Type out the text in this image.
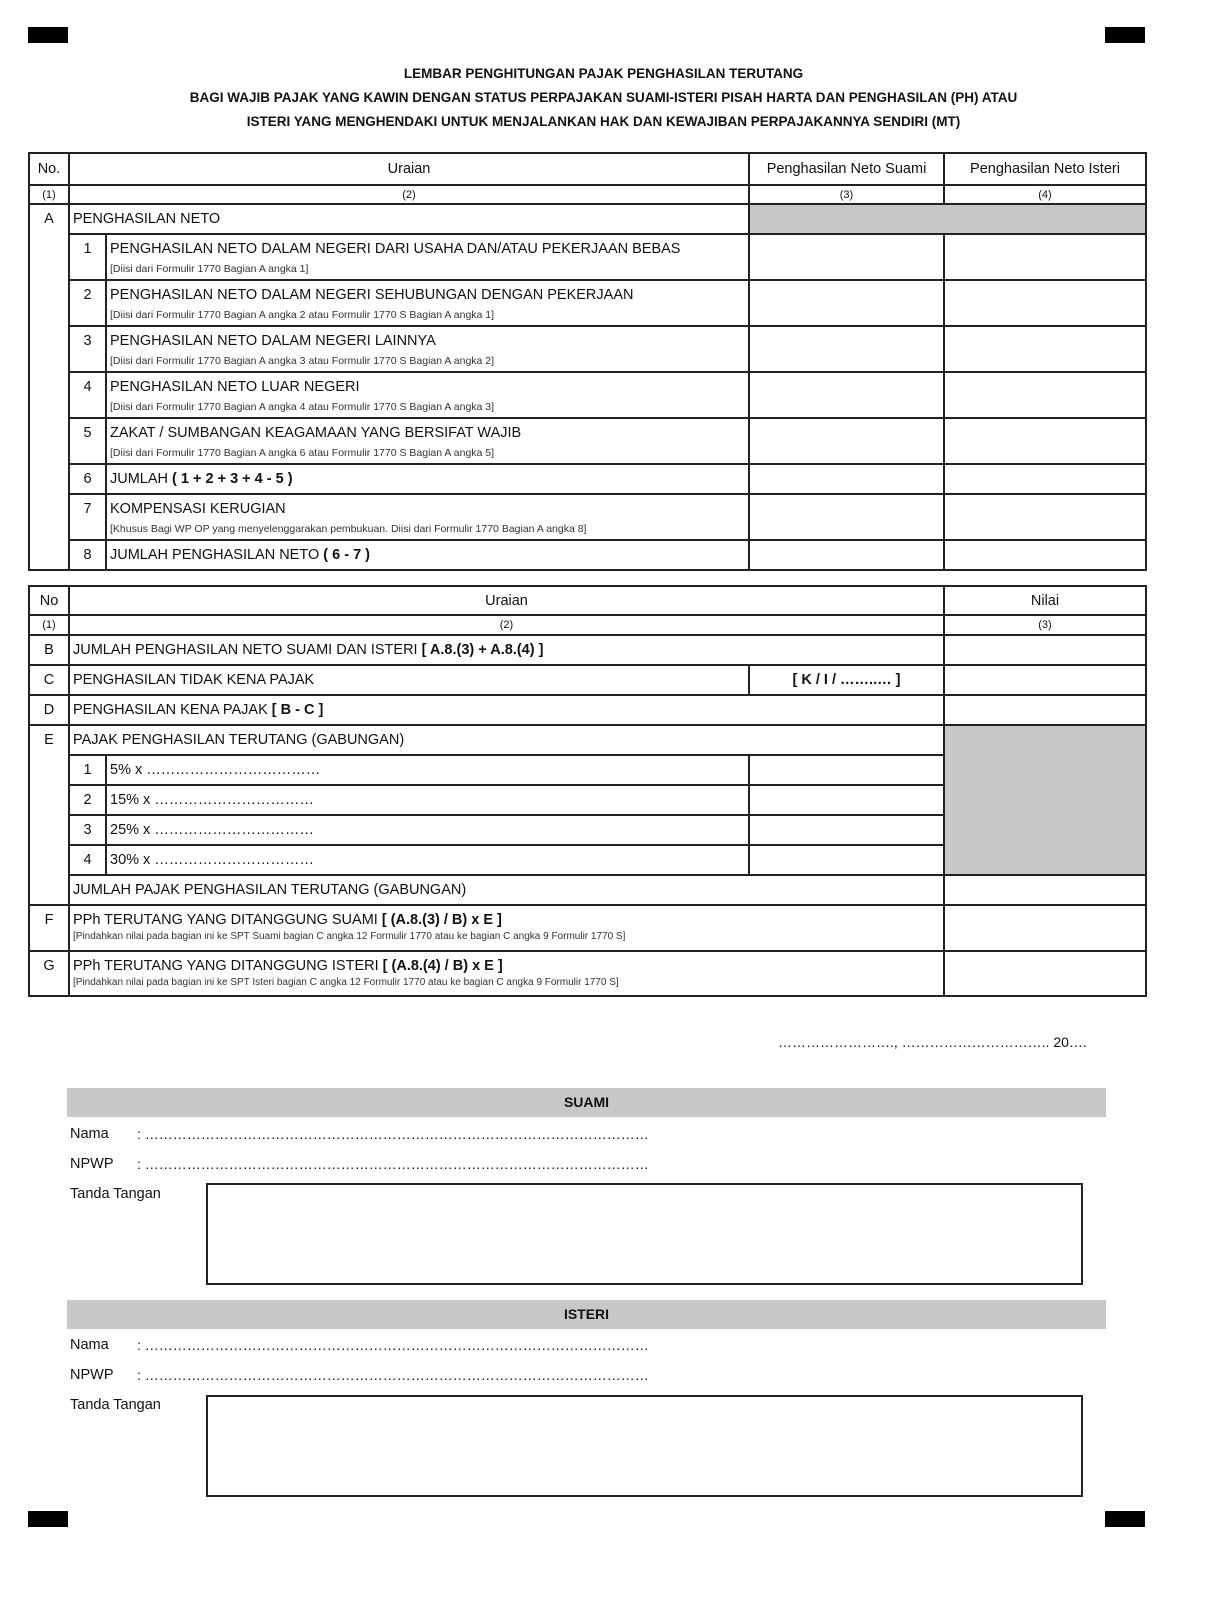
LEMBAR PENGHITUNGAN PAJAK PENGHASILAN TERUTANG
BAGI WAJIB PAJAK YANG KAWIN DENGAN STATUS PERPAJAKAN SUAMI-ISTERI PISAH HARTA DAN PENGHASILAN (PH) ATAU
ISTERI YANG MENGHENDAKI UNTUK MENJALANKAN HAK DAN KEWAJIBAN PERPAJAKANNYA SENDIRI (MT)
No.	Uraian		Penghasilan Neto Suami	Penghasilan Neto Isteri
(1)	(2)		(3)	(4)
A	PENGHASILAN NETO			
	1	PENGHASILAN NETO DALAM NEGERI DARI USAHA DAN/ATAU PEKERJAAN BEBAS
[Diisi dari Formulir 1770 Bagian A angka 1]		

	2	PENGHASILAN NETO DALAM NEGERI SEHUBUNGAN DENGAN PEKERJAAN
[Diisi dari Formulir 1770 Bagian A angka 2 atau Formulir 1770 S Bagian A angka 1]		

	3	PENGHASILAN NETO DALAM NEGERI LAINNYA
[Diisi dari Formulir 1770 Bagian A angka 3 atau Formulir 1770 S Bagian A angka 2]		

	4	PENGHASILAN NETO LUAR NEGERI
[Diisi dari Formulir 1770 Bagian A angka 4 atau Formulir 1770 S Bagian A angka 3]		

	5	ZAKAT / SUMBANGAN KEAGAMAAN YANG BERSIFAT WAJIB
[Diisi dari Formulir 1770 Bagian A angka 6 atau Formulir 1770 S Bagian A angka 5]		

	6	JUMLAH ( 1 + 2 + 3 + 4 - 5 )		
	7	KOMPENSASI KERUGIAN
[Khusus Bagi WP OP yang menyelenggarakan pembukuan. Diisi dari Formulir 1770 Bagian A angka 8]		

	8	JUMLAH PENGHASILAN NETO ( 6 - 7 )		
No	Uraian			Nilai
(1)	(2)			(3)
B	JUMLAH PENGHASILAN NETO SUAMI DAN ISTERI [ A.8.(3) + A.8.(4) ]			
C	PENGHASILAN TIDAK KENA PAJAK		[ K / I / ……..… ]	
D	PENGHASILAN KENA PAJAK [ B - C ]			
E	PAJAK PENGHASILAN TERUTANG (GABUNGAN)			
	1	5% x ………………………………		
	2	15% x ……………………………		
	3	25% x ……………………………		
	4	30% x ……………………………		
	JUMLAH PAJAK PENGHASILAN TERUTANG (GABUNGAN)			
F	PPh TERUTANG YANG DITANGGUNG SUAMI [ (A.8.(3) / B) x E ]
[Pindahkan nilai pada bagian ini ke SPT Suami bagian C angka 12 Formulir 1770 atau ke bagian C angka 9 Formulir 1770 S]			

G	PPh TERUTANG YANG DITANGGUNG ISTERI [ (A.8.(4) / B) x E ]
[Pindahkan nilai pada bagian ini ke SPT Isteri bagian C angka 12 Formulir 1770 atau ke bagian C angka 9 Formulir 1770 S]			

……………………., ………………………….. 20….
SUAMI
Nama : ………………………………………………………………………………………………
NPWP : ………………………………………………………………………………………………
Tanda Tangan
ISTERI
Nama : ………………………………………………………………………………………………
NPWP : ………………………………………………………………………………………………
Tanda Tangan
